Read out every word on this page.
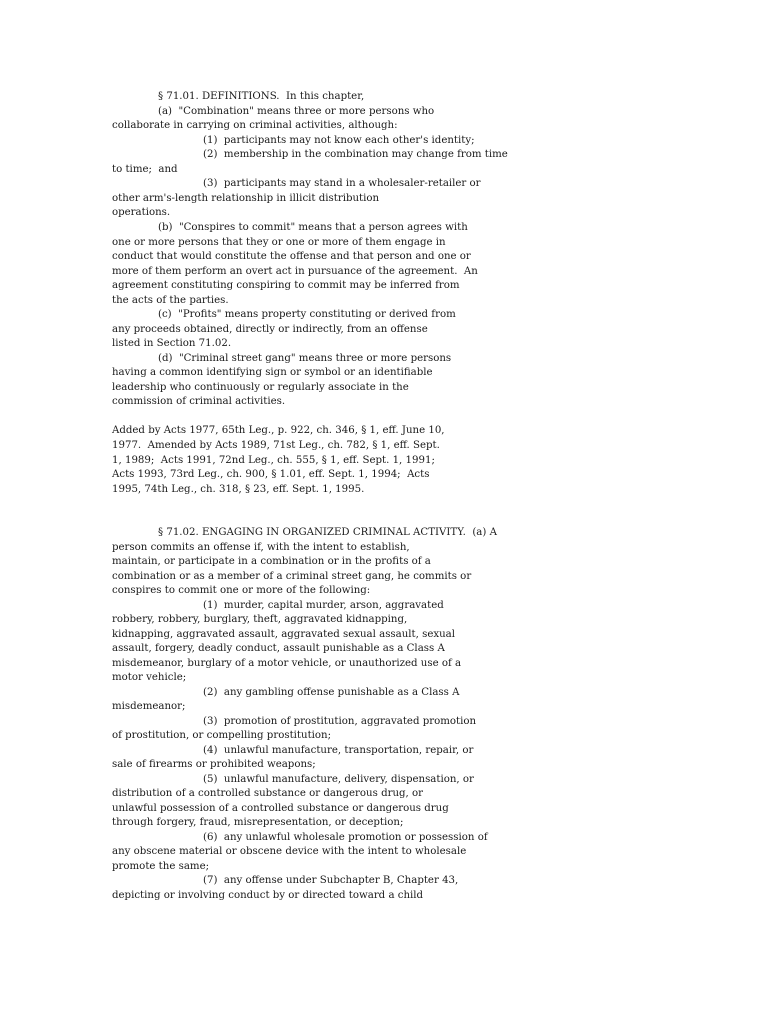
§ 71.01. DEFINITIONS.  In this chapter,
(a)  "Combination" means three or more persons who
collaborate in carrying on criminal activities, although:
(1)  participants may not know each other's identity;
(2)  membership in the combination may change from time
to time;  and
(3)  participants may stand in a wholesaler-retailer or
other arm's-length relationship in illicit distribution
operations.
(b)  "Conspires to commit" means that a person agrees with
one or more persons that they or one or more of them engage in
conduct that would constitute the offense and that person and one or
more of them perform an overt act in pursuance of the agreement.  An
agreement constituting conspiring to commit may be inferred from
the acts of the parties.
(c)  "Profits" means property constituting or derived from
any proceeds obtained, directly or indirectly, from an offense
listed in Section 71.02.
(d)  "Criminal street gang" means three or more persons
having a common identifying sign or symbol or an identifiable
leadership who continuously or regularly associate in the
commission of criminal activities.
Added by Acts 1977, 65th Leg., p. 922, ch. 346, § 1, eff. June 10,
1977.  Amended by Acts 1989, 71st Leg., ch. 782, § 1, eff. Sept.
1, 1989;  Acts 1991, 72nd Leg., ch. 555, § 1, eff. Sept. 1, 1991;
Acts 1993, 73rd Leg., ch. 900, § 1.01, eff. Sept. 1, 1994;  Acts
1995, 74th Leg., ch. 318, § 23, eff. Sept. 1, 1995.
§ 71.02. ENGAGING IN ORGANIZED CRIMINAL ACTIVITY.  (a) A
person commits an offense if, with the intent to establish,
maintain, or participate in a combination or in the profits of a
combination or as a member of a criminal street gang, he commits or
conspires to commit one or more of the following:
(1)  murder, capital murder, arson, aggravated
robbery, robbery, burglary, theft, aggravated kidnapping,
kidnapping, aggravated assault, aggravated sexual assault, sexual
assault, forgery, deadly conduct, assault punishable as a Class A
misdemeanor, burglary of a motor vehicle, or unauthorized use of a
motor vehicle;
(2)  any gambling offense punishable as a Class A
misdemeanor;
(3)  promotion of prostitution, aggravated promotion
of prostitution, or compelling prostitution;
(4)  unlawful manufacture, transportation, repair, or
sale of firearms or prohibited weapons;
(5)  unlawful manufacture, delivery, dispensation, or
distribution of a controlled substance or dangerous drug, or
unlawful possession of a controlled substance or dangerous drug
through forgery, fraud, misrepresentation, or deception;
(6)  any unlawful wholesale promotion or possession of
any obscene material or obscene device with the intent to wholesale
promote the same;
(7)  any offense under Subchapter B, Chapter 43,
depicting or involving conduct by or directed toward a child
